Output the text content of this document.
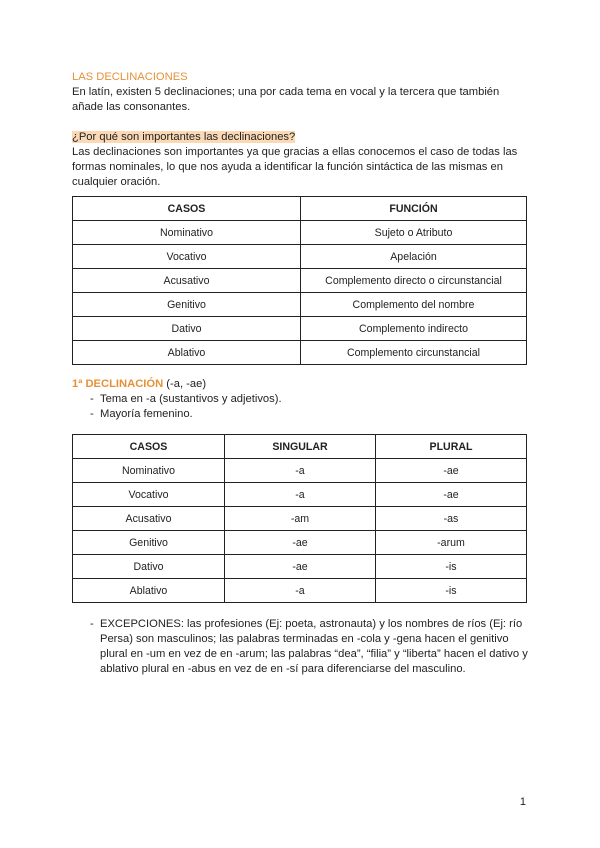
LAS DECLINACIONES

En latín, existen 5 declinaciones; una por cada tema en vocal y la tercera que también añade las consonantes.

¿Por qué son importantes las declinaciones?

Las declinaciones son importantes ya que gracias a ellas conocemos el caso de todas las formas nominales, lo que nos ayuda a identificar la función sintáctica de las mismas en cualquier oración.

CASOS	FUNCIÓN
Nominativo	Sujeto o Atributo
Vocativo	Apelación
Acusativo	Complemento directo o circunstancial
Genitivo	Complemento del nombre
Dativo	Complemento indirecto
Ablativo	Complemento circunstancial

1ª DECLINACIÓN (-a, -ae)

- Tema en -a (sustantivos y adjetivos).
- Mayoría femenino.
CASOS	SINGULAR	PLURAL
Nominativo	-a	-ae
Vocativo	-a	-ae
Acusativo	-am	-as
Genitivo	-ae	-arum
Dativo	-ae	-is
Ablativo	-a	-is
- EXCEPCIONES: las profesiones (Ej: poeta, astronauta) y los nombres de ríos (Ej: río Persa) son masculinos; las palabras terminadas en -cola y -gena hacen el genitivo plural en -um en vez de en -arum; las palabras “dea”, “filia” y “liberta” hacen el dativo y ablativo plural en -abus en vez de en -sí para diferenciarse del masculino.
1
